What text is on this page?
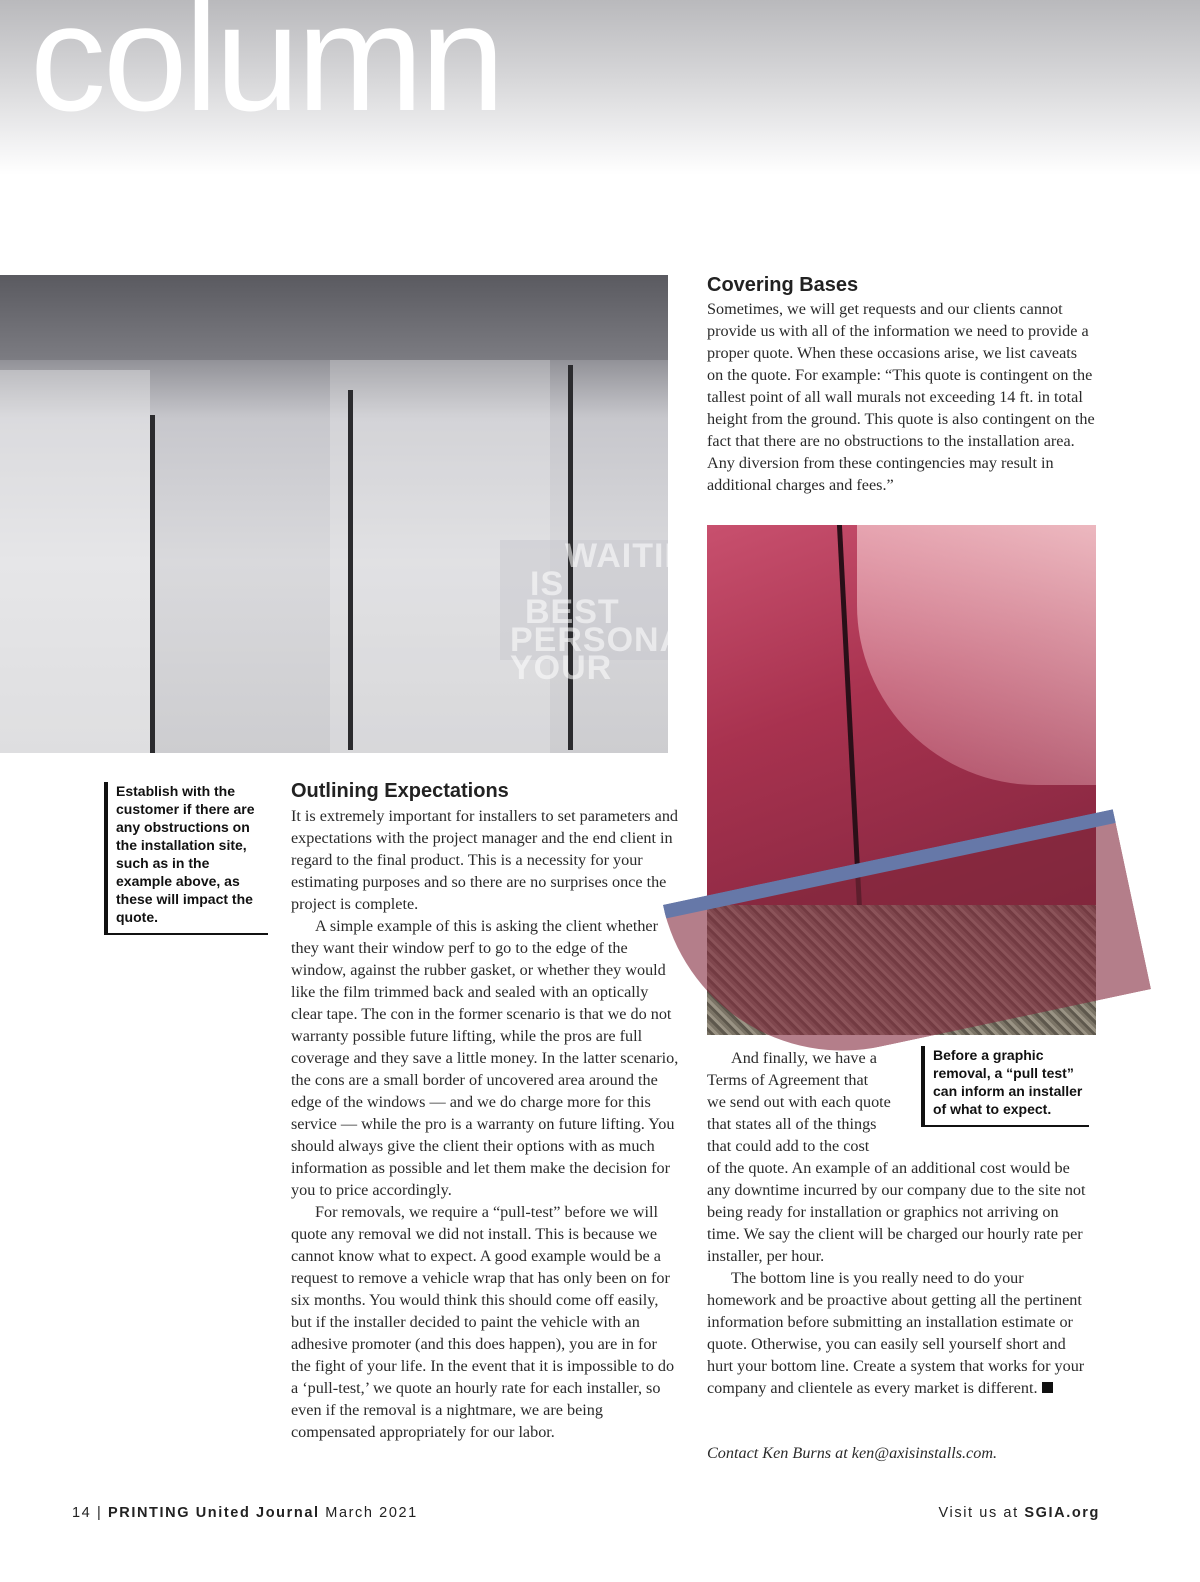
column
WAITIN
IS
BEST
PERSONAL
YOUR
Covering Bases

Sometimes, we will get requests and our clients cannot provide us with all of the information we need to provide a proper quote. When these occasions arise, we list caveats on the quote. For example: “This quote is contingent on the tallest point of all wall murals not exceeding 14 ft. in total height from the ground. This quote is also contingent on the fact that there are no obstructions to the installation area. Any diversion from these contingencies may result in additional charges and fees.”

Establish with the customer if there are any obstructions on the installation site, such as in the example above, as these will impact the quote.
Outlining Expectations

It is extremely important for installers to set parameters and expectations with the project manager and the end client in regard to the final product. This is a necessity for your estimating purposes and so there are no surprises once the project is complete.

A simple example of this is asking the client whether they want their window perf to go to the edge of the window, against the rubber gasket, or whether they would like the film trimmed back and sealed with an optically clear tape. The con in the former scenario is that we do not warranty possible future lifting, while the pros are full coverage and they save a little money. In the latter scenario, the cons are a small border of uncovered area around the edge of the windows — and we do charge more for this service — while the pro is a warranty on future lifting. You should always give the client their options with as much information as possible and let them make the decision for you to price accordingly.

For removals, we require a “pull-test” before we will quote any removal we did not install. This is because we cannot know what to expect. A good example would be a request to remove a vehicle wrap that has only been on for six months. You would think this should come off easily, but if the installer decided to paint the vehicle with an adhesive promoter (and this does happen), you are in for the fight of your life. In the event that it is impossible to do a ‘pull-test,’ we quote an hourly rate for each installer, so even if the removal is a nightmare, we are being compensated appropriately for our labor.

Before a graphic removal, a “pull test” can inform an installer of what to expect.
And finally, we have a
Terms of Agreement that
we send out with each quote
that states all of the things
that could add to the cost

of the quote. An example of an additional cost would be any downtime incurred by our company due to the site not being ready for installation or graphics not arriving on time. We say the client will be charged our hourly rate per installer, per hour.

The bottom line is you really need to do your homework and be proactive about getting all the pertinent information before submitting an installation estimate or quote. Otherwise, you can easily sell yourself short and hurt your bottom line. Create a system that works for your company and clientele as every market is different.

Contact Ken Burns at ken@axisinstalls.com.
14 | PRINTING United Journal March 2021	Visit us at SGIA.org
